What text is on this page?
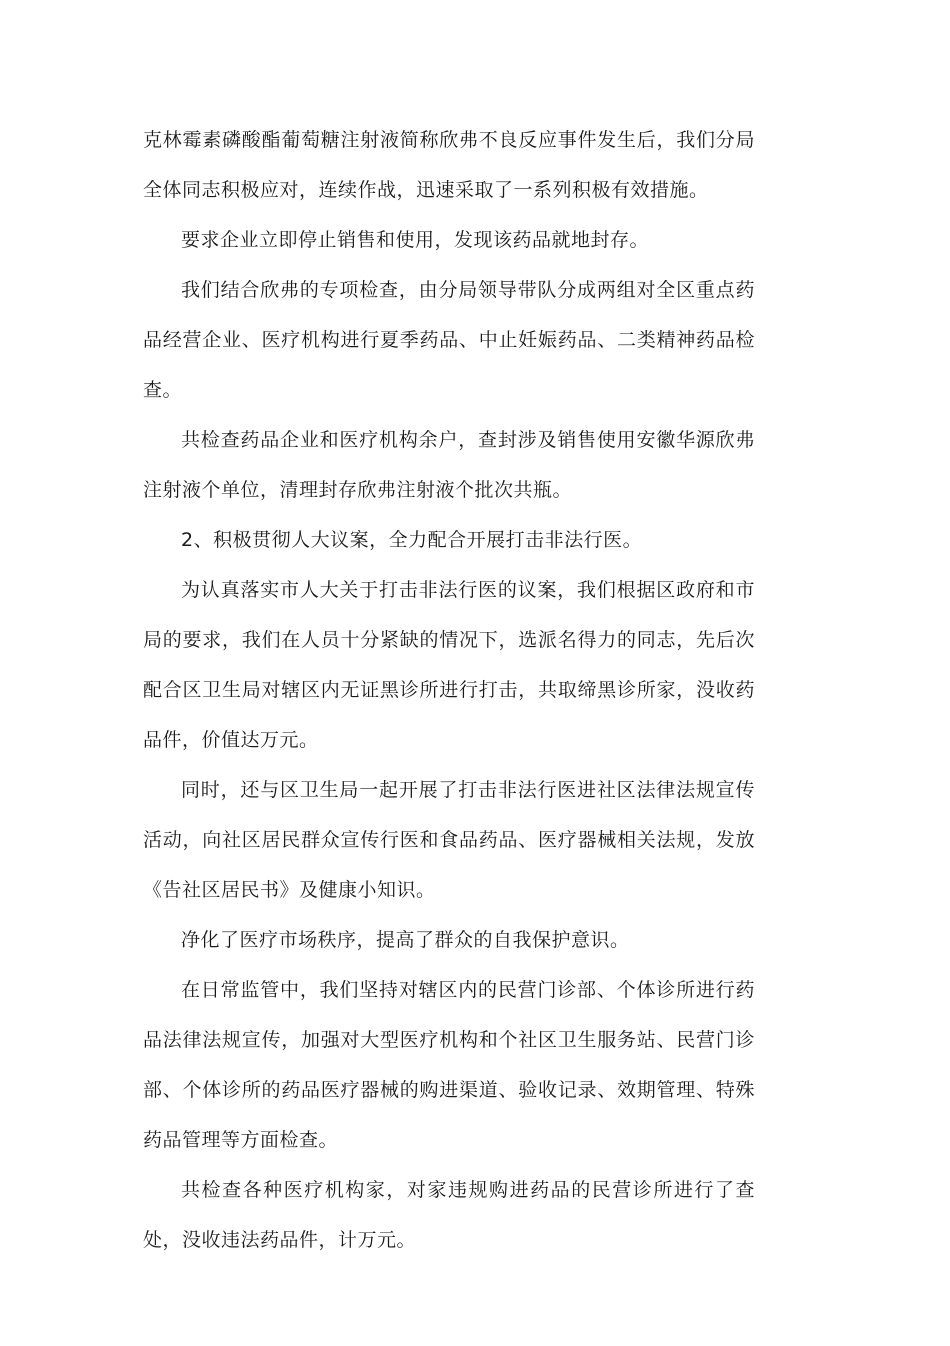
克林霉素磷酸酯葡萄糖注射液简称欣弗不良反应事件发生后，我们分局全体同志积极应对，连续作战，迅速采取了一系列积极有效措施。

要求企业立即停止销售和使用，发现该药品就地封存。

我们结合欣弗的专项检查，由分局领导带队分成两组对全区重点药品经营企业、医疗机构进行夏季药品、中止妊娠药品、二类精神药品检查。

共检查药品企业和医疗机构余户，查封涉及销售使用安徽华源欣弗注射液个单位，清理封存欣弗注射液个批次共瓶。

2、积极贯彻人大议案，全力配合开展打击非法行医。

为认真落实市人大关于打击非法行医的议案，我们根据区政府和市局的要求，我们在人员十分紧缺的情况下，选派名得力的同志，先后次配合区卫生局对辖区内无证黑诊所进行打击，共取缔黑诊所家，没收药品件，价值达万元。

同时，还与区卫生局一起开展了打击非法行医进社区法律法规宣传活动，向社区居民群众宣传行医和食品药品、医疗器械相关法规，发放《告社区居民书》及健康小知识。

净化了医疗市场秩序，提高了群众的自我保护意识。

在日常监管中，我们坚持对辖区内的民营门诊部、个体诊所进行药品法律法规宣传，加强对大型医疗机构和个社区卫生服务站、民营门诊部、个体诊所的药品医疗器械的购进渠道、验收记录、效期管理、特殊药品管理等方面检查。

共检查各种医疗机构家，对家违规购进药品的民营诊所进行了查处，没收违法药品件，计万元。
